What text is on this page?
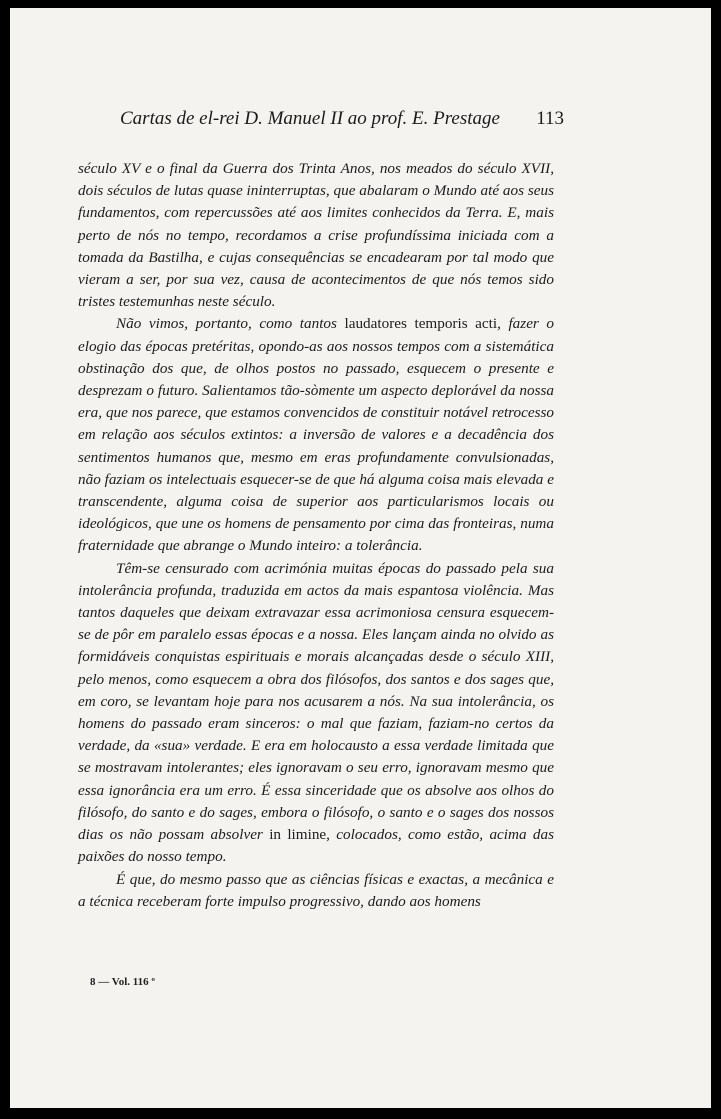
Cartas de el-rei D. Manuel II ao prof. E. Prestage 113

século XV e o final da Guerra dos Trinta Anos, nos meados do século XVII, dois séculos de lutas quase ininterruptas, que abalaram o Mundo até aos seus fundamentos, com repercussões até aos limites conhecidos da Terra. E, mais perto de nós no tempo, recordamos a crise profundíssima iniciada com a tomada da Bastilha, e cujas consequências se encadearam por tal modo que vieram a ser, por sua vez, causa de acontecimentos de que nós temos sido tristes testemunhas neste século.

Não vimos, portanto, como tantos laudatores temporis acti, fazer o elogio das épocas pretéritas, opondo-as aos nossos tempos com a sistemática obstinação dos que, de olhos postos no passado, esquecem o presente e desprezam o futuro. Salientamos tão-sòmente um aspecto deplorável da nossa era, que nos parece, que estamos convencidos de constituir notável retrocesso em relação aos séculos extintos: a inversão de valores e a decadência dos sentimentos humanos que, mesmo em eras profundamente convulsionadas, não faziam os intelectuais esquecer-se de que há alguma coisa mais elevada e transcendente, alguma coisa de superior aos particularismos locais ou ideológicos, que une os homens de pensamento por cima das fronteiras, numa fraternidade que abrange o Mundo inteiro: a tolerância.

Têm-se censurado com acrimónia muitas épocas do passado pela sua intolerância profunda, traduzida em actos da mais espantosa violência. Mas tantos daqueles que deixam extravazar essa acrimoniosa censura esquecem-se de pôr em paralelo essas épocas e a nossa. Eles lançam ainda no olvido as formidáveis conquistas espirituais e morais alcançadas desde o século XIII, pelo menos, como esquecem a obra dos filósofos, dos santos e dos sages que, em coro, se levantam hoje para nos acusarem a nós. Na sua intolerância, os homens do passado eram sinceros: o mal que faziam, faziam-no certos da verdade, da «sua» verdade. E era em holocausto a essa verdade limitada que se mostravam intolerantes; eles ignoravam o seu erro, ignoravam mesmo que essa ignorância era um erro. É essa sinceridade que os absolve aos olhos do filósofo, do santo e do sages, embora o filósofo, o santo e o sages dos nossos dias os não possam absolver in limine, colocados, como estão, acima das paixões do nosso tempo.

É que, do mesmo passo que as ciências físicas e exactas, a mecânica e a técnica receberam forte impulso progressivo, dando aos homens

8 — Vol. 116 º
